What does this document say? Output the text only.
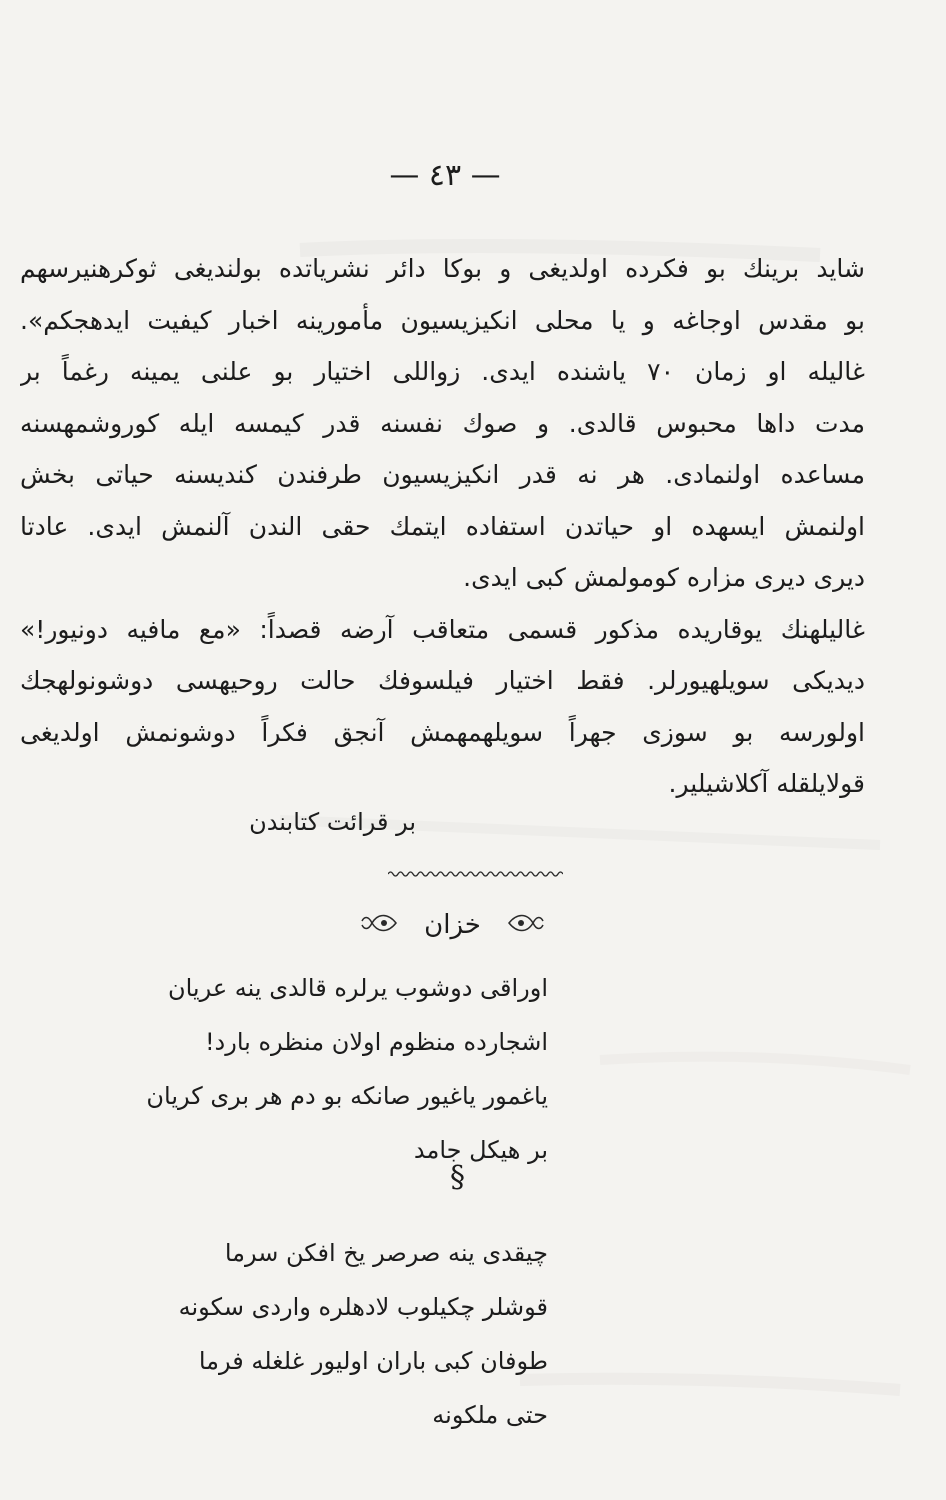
— ٤٣ —
شاید برینك بو فكرده اولدیغی و بوكا دائر نشریاتده بولندیغی ثوكرهنیرسهم
بو مقدس اوجاغه و یا محلی انكیزیسیون مأمورینه اخبار كیفیت ایدهجكم».
غالیله او زمان ٧٠ یاشنده ایدی. زواللی اختیار بو علنی یمینه رغماً بر
مدت داها محبوس قالدی. و صوك نفسنه قدر كیمسه ایله كوروشمهسنه
مساعده اولنمادی. هر نه قدر انكیزیسیون طرفندن كندیسنه حیاتی بخش
اولنمش ایسهده او حیاتدن استفاده ایتمك حقی الندن آلنمش ایدی. عادتا
دیری دیری مزاره كومولمش كبی ایدی.
غالیلهنك یوقاریده مذكور قسمی متعاقب آرضه قصداً: «مع مافیه دونیور!»
دیدیكی سویلهیورلر. فقط اختیار فیلسوفك حالت روحیهسی دوشونولهجك
اولورسه بو سوزی جهراً سویلهمهمش آنجق فكراً دوشونمش اولدیغی
قولایلقله آكلاشیلیر.
بر قرائت كتابندن
خزان
اوراقی دوشوب یرلره قالدی ینه عریان
اشجارده منظوم اولان منظره بارد!
یاغمور یاغیور صانكه بو دم هر بری كریان
بر هیكل جامد
§
چیقدی ینه صرصر یخ افكن سرما
قوشلر چكیلوب لادهلره واردی سكونه
طوفان كبی باران اولیور غلغله فرما
حتی ملكونه
